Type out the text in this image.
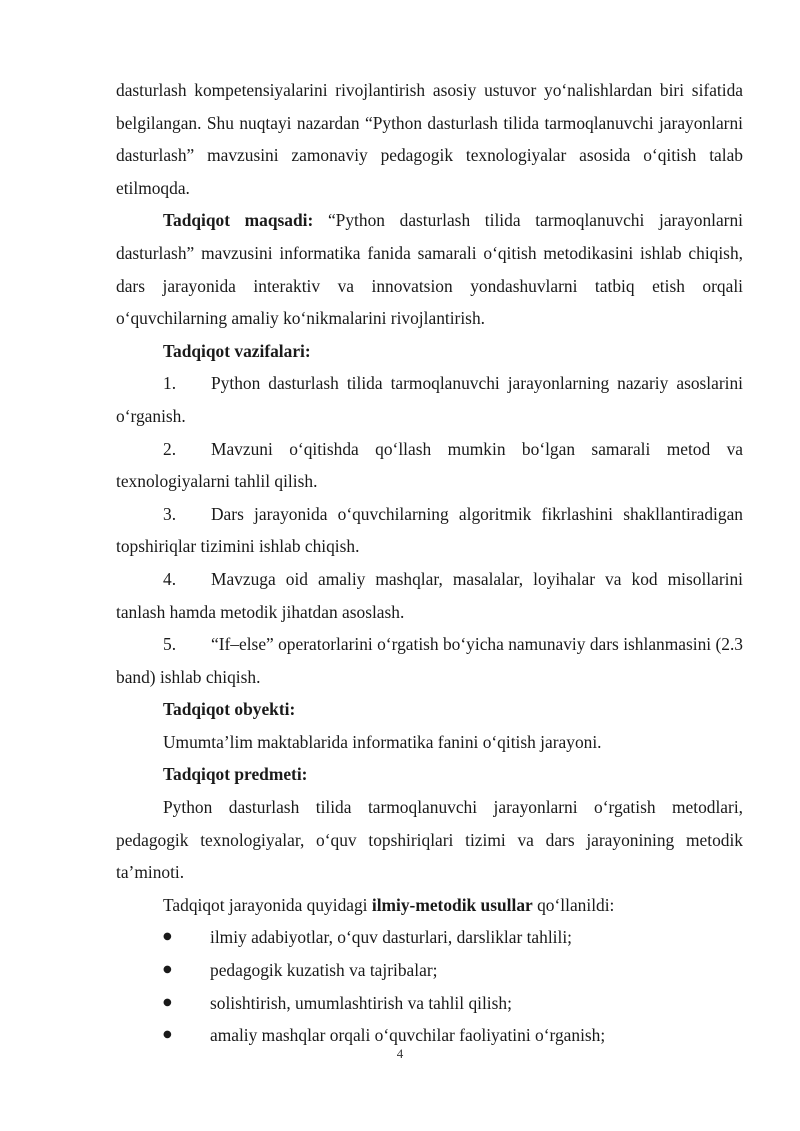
dasturlash kompetensiyalarini rivojlantirish asosiy ustuvor yo‘nalishlardan biri sifatida belgilangan. Shu nuqtayi nazardan “Python dasturlash tilida tarmoqlanuvchi jarayonlarni dasturlash” mavzusini zamonaviy pedagogik texnologiyalar asosida o‘qitish talab etilmoqda.

Tadqiqot maqsadi: “Python dasturlash tilida tarmoqlanuvchi jarayonlarni dasturlash” mavzusini informatika fanida samarali o‘qitish metodikasini ishlab chiqish, dars jarayonida interaktiv va innovatsion yondashuvlarni tatbiq etish orqali o‘quvchilarning amaliy ko‘nikmalarini rivojlantirish.

Tadqiqot vazifalari:

1. Python dasturlash tilida tarmoqlanuvchi jarayonlarning nazariy asoslarini o‘rganish.

2. Mavzuni o‘qitishda qo‘llash mumkin bo‘lgan samarali metod va texnologiyalarni tahlil qilish.

3. Dars jarayonida o‘quvchilarning algoritmik fikrlashini shakllantiradigan topshiriqlar tizimini ishlab chiqish.

4. Mavzuga oid amaliy mashqlar, masalalar, loyihalar va kod misollarini tanlash hamda metodik jihatdan asoslash.

5. “If–else” operatorlarini o‘rgatish bo‘yicha namunaviy dars ishlanmasini (2.3 band) ishlab chiqish.

Tadqiqot obyekti:

Umumta’lim maktablarida informatika fanini o‘qitish jarayoni.

Tadqiqot predmeti:

Python dasturlash tilida tarmoqlanuvchi jarayonlarni o‘rgatish metodlari, pedagogik texnologiyalar, o‘quv topshiriqlari tizimi va dars jarayonining metodik ta’minoti.

Tadqiqot jarayonida quyidagi ilmiy-metodik usullar qo‘llanildi:

● ilmiy adabiyotlar, o‘quv dasturlari, darsliklar tahlili;

● pedagogik kuzatish va tajribalar;

● solishtirish, umumlashtirish va tahlil qilish;

● amaliy mashqlar orqali o‘quvchilar faoliyatini o‘rganish;

4
